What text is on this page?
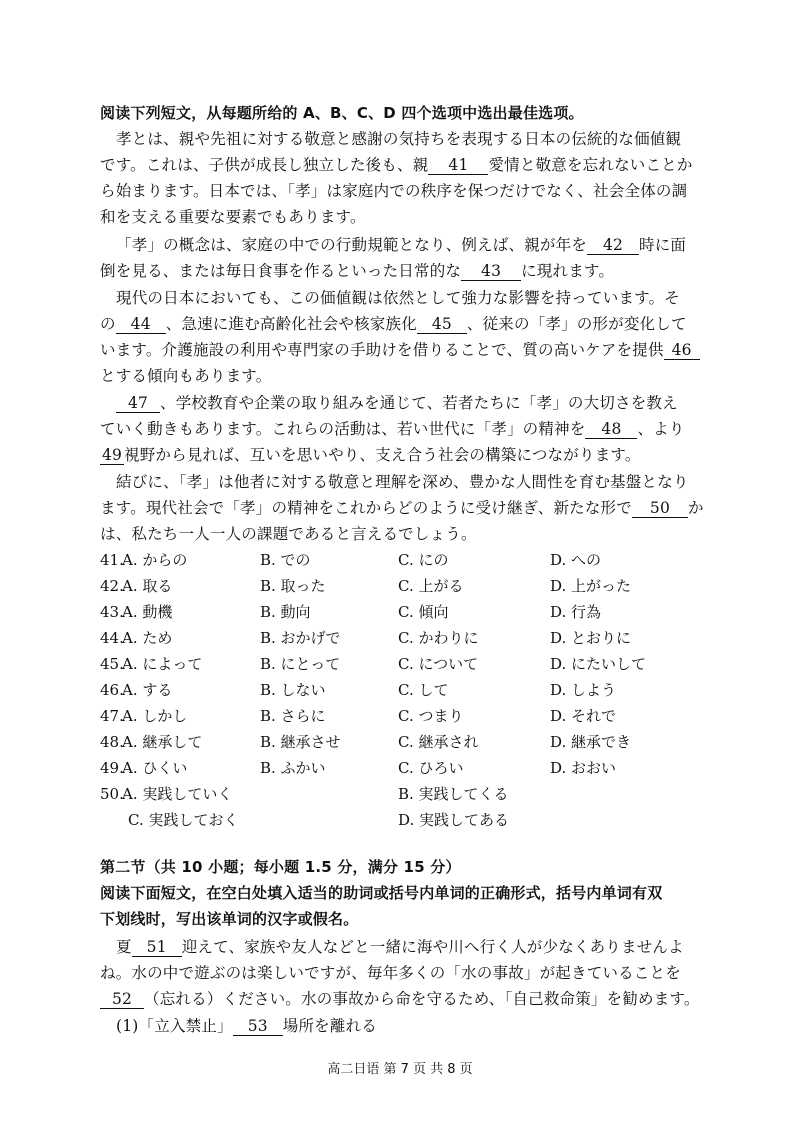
阅读下列短文，从每题所给的 A、B、C、D 四个选项中选出最佳选项。
孝とは、親や先祖に対する敬意と感謝の気持ちを表現する日本の伝統的な価値観
です。これは、子供が成長し独立した後も、親 41 愛情と敬意を忘れないことか
ら始まります。日本では、「孝」は家庭内での秩序を保つだけでなく、社会全体の調
和を支える重要な要素でもあります。
「孝」の概念は、家庭の中での行動規範となり、例えば、親が年を 42 時に面
倒を見る、または毎日食事を作るといった日常的な 43 に現れます。
現代の日本においても、この価値観は依然として強力な影響を持っています。そ
の 44 、急速に進む高齢化社会や核家族化 45 、従来の「孝」の形が変化して
います。介護施設の利用や専門家の手助けを借りることで、質の高いケアを提供 46
とする傾向もあります。
47 、学校教育や企業の取り組みを通じて、若者たちに「孝」の大切さを教え
ていく動きもあります。これらの活動は、若い世代に「孝」の精神を 48 、より
49 視野から見れば、互いを思いやり、支え合う社会の構築につながります。
結びに、「孝」は他者に対する敬意と理解を深め、豊かな人間性を育む基盤となり
ます。現代社会で「孝」の精神をこれからどのように受け継ぎ、新たな形で 50 か
は、私たち一人一人の課題であると言えるでしょう。
41.
A. からの	B. での	C. にの	D. への
42.
A. 取る	B. 取った	C. 上がる	D. 上がった
43.
A. 動機	B. 動向	C. 傾向	D. 行為
44.
A. ため	B. おかげで	C. かわりに	D. とおりに
45.
A. によって	B. にとって	C. について	D. にたいして
46.
A. する	B. しない	C. して	D. しよう
47.
A. しかし	B. さらに	C. つまり	D. それで
48.
A. 継承して	B. 継承させ	C. 継承され	D. 継承でき
49.
A. ひくい	B. ふかい	C. ひろい	D. おおい
50.
A. 実践していく	B. 実践してくる
C. 実践しておく	D. 実践してある
第二节（共 10 小题；每小题 1.5 分，满分 15 分）
阅读下面短文，在空白处填入适当的助词或括号内单词的正确形式，括号内单词有双
下划线时，写出该单词的汉字或假名。
夏 51 迎えて、家族や友人などと一緒に海や川へ行く人が少なくありませんよ
ね。水の中で遊ぶのは楽しいですが、毎年多くの「水の事故」が起きていることを
52 （忘れる）ください。水の事故から命を守るため、「自己救命策」を勧めます。
(1)「立入禁止」 53 場所を離れる
高二日语 第 7 页 共 8 页
